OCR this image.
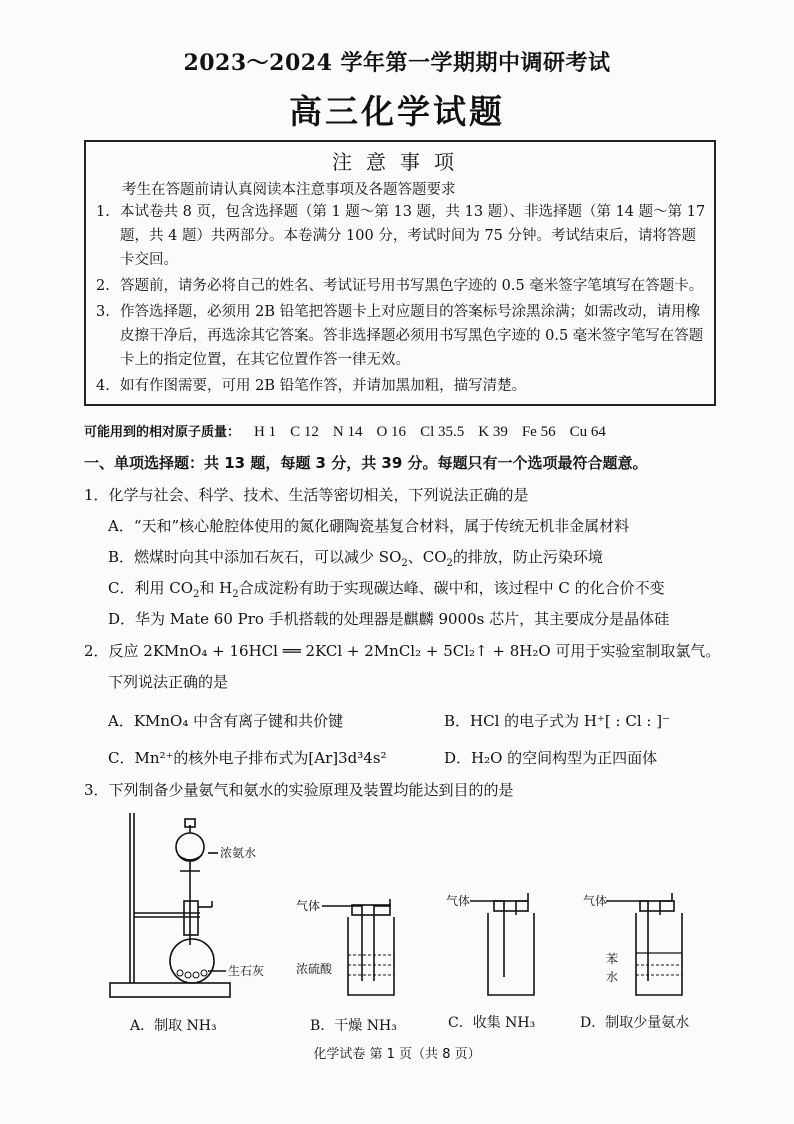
2023～2024 学年第一学期期中调研考试
高三化学试题
注意事项
考生在答题前请认真阅读本注意事项及各题答题要求
1. 本试卷共 8 页，包含选择题（第 1 题～第 13 题，共 13 题）、非选择题（第 14 题～第 17 题，共 4 题）共两部分。本卷满分 100 分，考试时间为 75 分钟。考试结束后，请将答题卡交回。
2. 答题前，请务必将自己的姓名、考试证号用书写黑色字迹的 0.5 毫米签字笔填写在答题卡。
3. 作答选择题，必须用 2B 铅笔把答题卡上对应题目的答案标号涂黑涂满；如需改动，请用橡皮擦干净后，再选涂其它答案。答非选择题必须用书写黑色字迹的 0.5 毫米签字笔写在答题卡上的指定位置，在其它位置作答一律无效。
4. 如有作图需要，可用 2B 铅笔作答，并请加黑加粗，描写清楚。
可能用到的相对原子质量： H 1 C 12 N 14 O 16 Cl 35.5 K 39 Fe 56 Cu 64
一、单项选择题：共 13 题，每题 3 分，共 39 分。每题只有一个选项最符合题意。
1．化学与社会、科学、技术、生活等密切相关，下列说法正确的是
A．“天和”核心舱腔体使用的氮化硼陶瓷基复合材料，属于传统无机非金属材料
B．燃煤时向其中添加石灰石，可以减少 $SO_2$、$CO_2$的排放，防止污染环境
C．利用 $CO_2$和 $H_2$合成淀粉有助于实现碳达峰、碳中和，该过程中 C 的化合价不变
D．华为 Mate 60 Pro 手机搭载的处理器是麒麟 9000s 芯片，其主要成分是晶体硅
2．反应 2KMnO₄ + 16HCl ══ 2KCl + 2MnCl₂ + 5Cl₂↑ + 8H₂O 可用于实验室制取氯气。
下列说法正确的是
A．KMnO₄ 中含有离子键和共价键	B．HCl 的电子式为 H⁺[ : Cl : ]⁻
C．Mn²⁺的核外电子排布式为[Ar]3d³4s²	D．H₂O 的空间构型为正四面体
3．下列制备少量氨气和氨水的实验原理及装置均能达到目的的是
浓氨水
生石灰
气体
浓硫酸
气体	气体
苯
水
A．制取 NH₃	B．干燥 NH₃	C．收集 NH₃	D．制取少量氨水
化学试卷 第 1 页（共 8 页）
